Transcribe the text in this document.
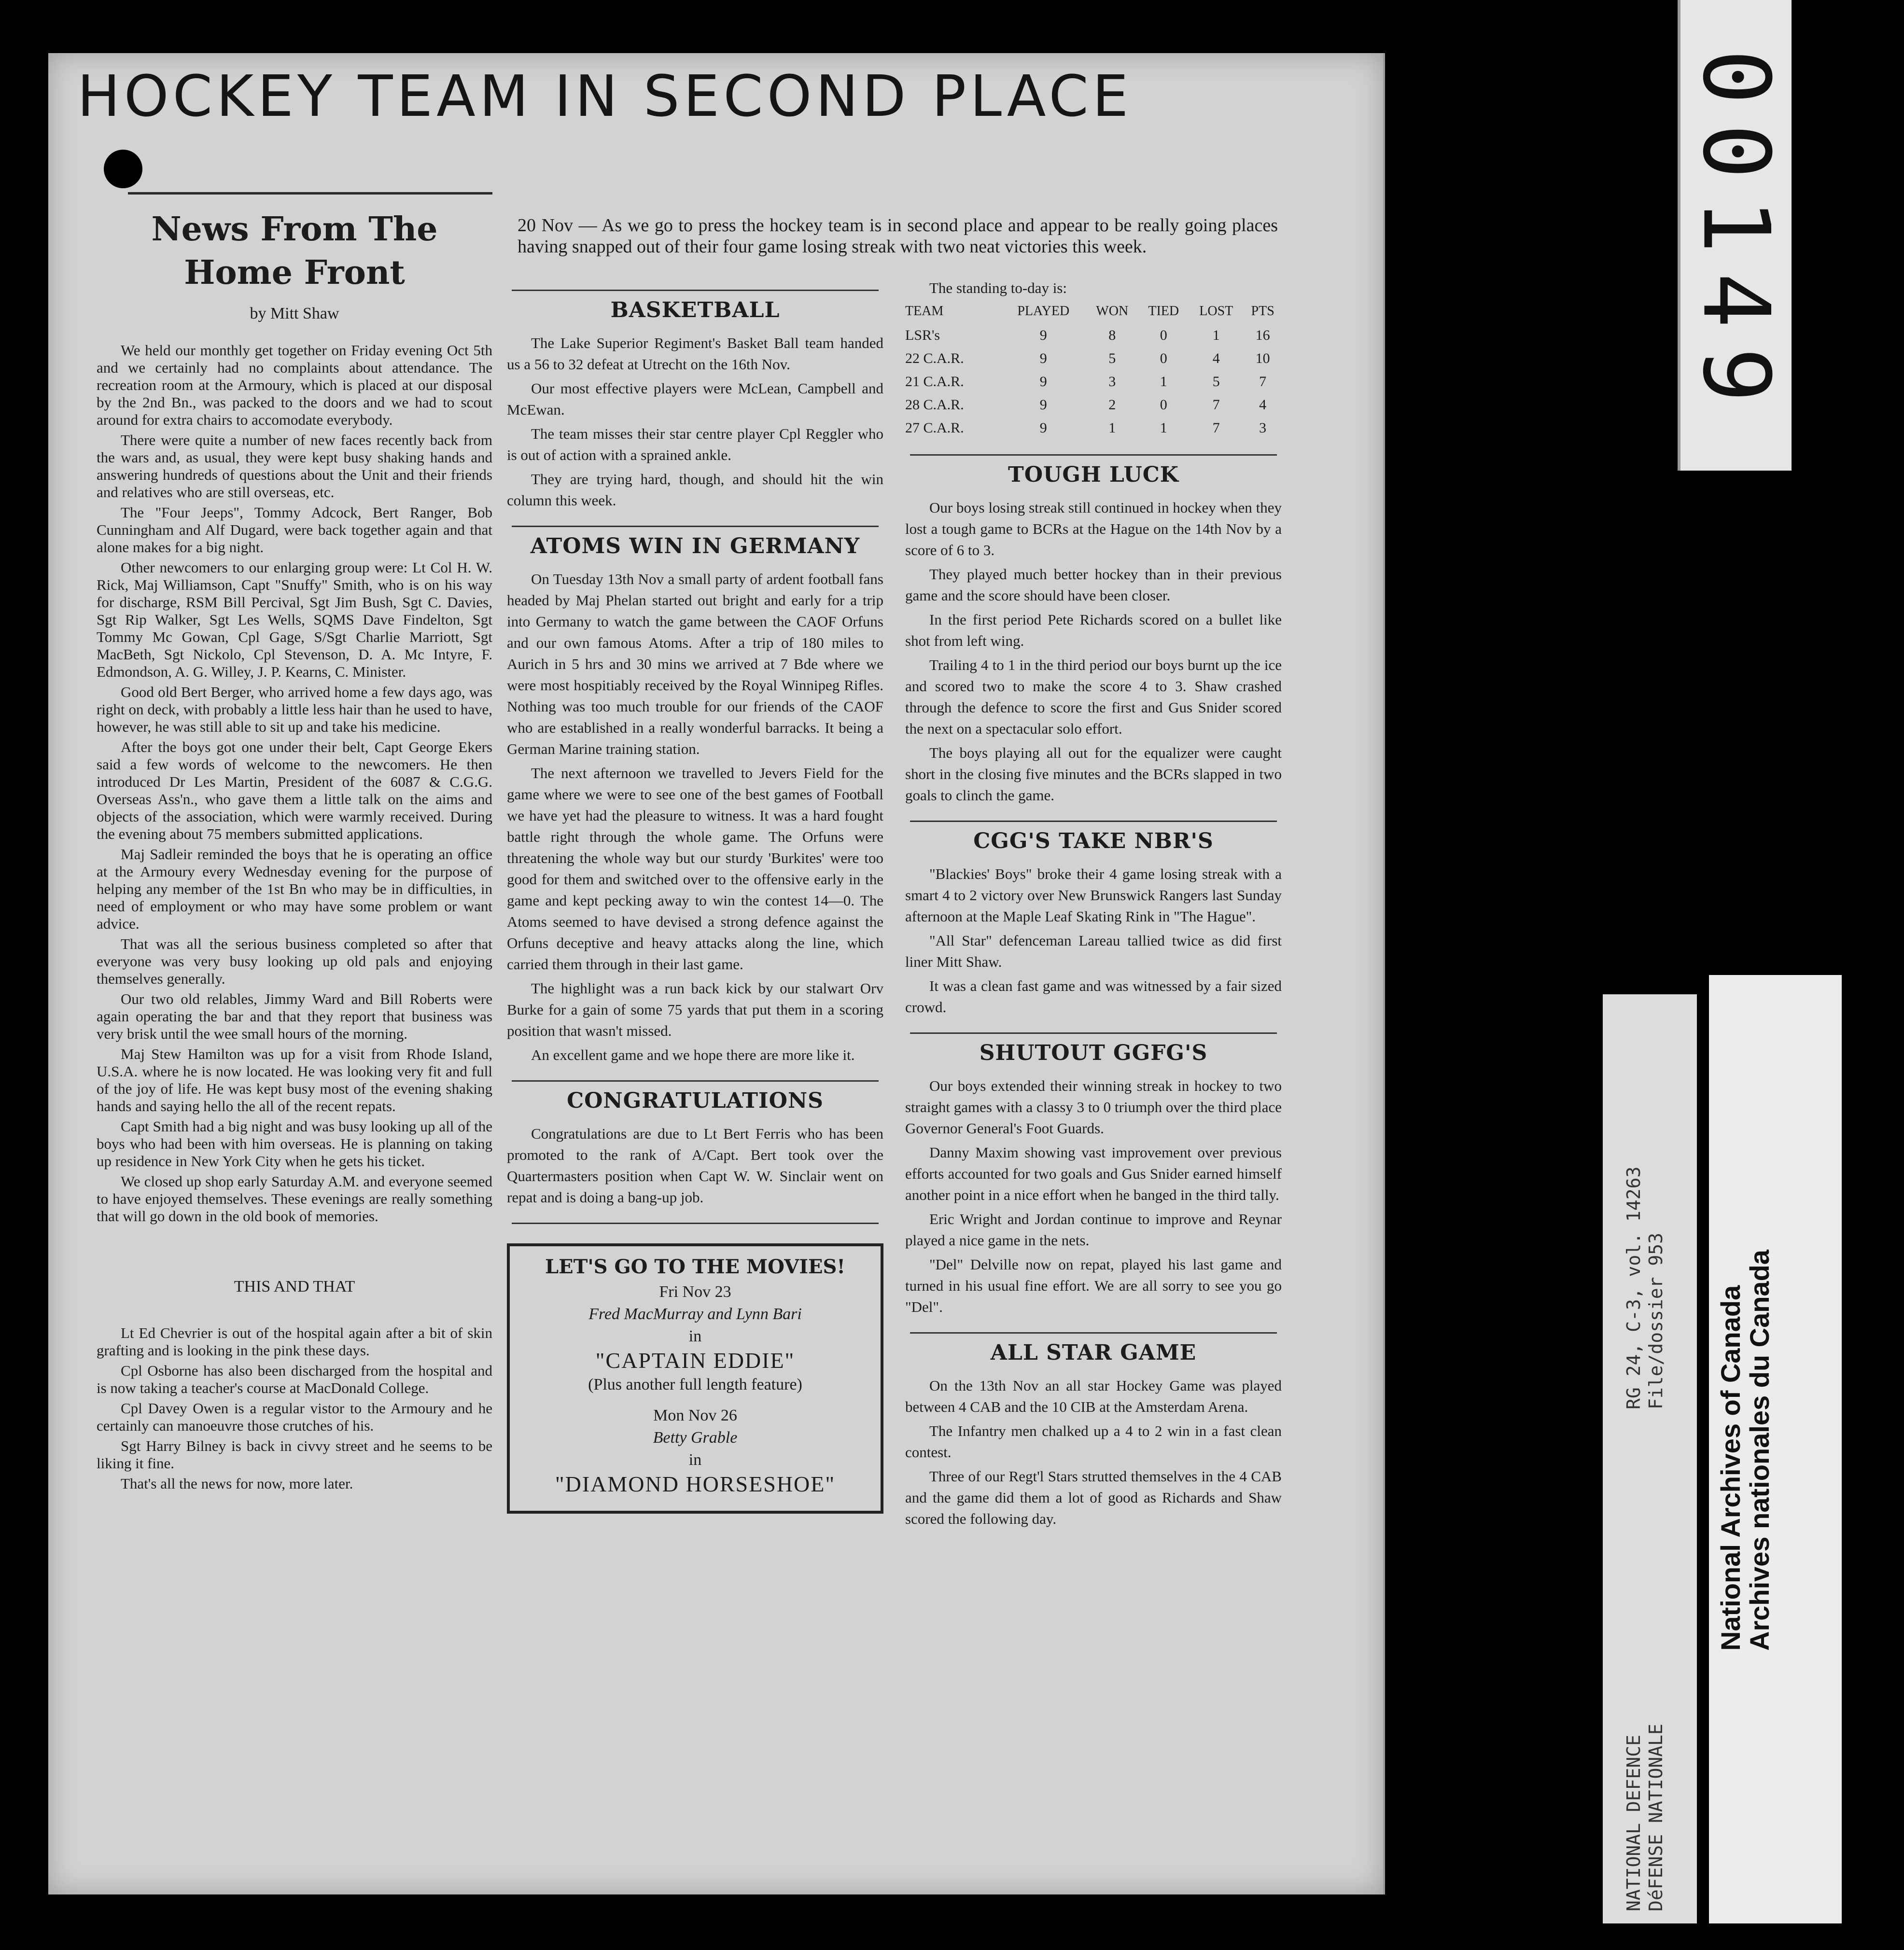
HOCKEY TEAM IN SECOND PLACE
News From The
Home Front
by Mitt Shaw

We held our monthly get together on Friday evening Oct 5th and we certainly had no complaints about attendance. The recreation room at the Armoury, which is placed at our disposal by the 2nd Bn., was packed to the doors and we had to scout around for extra chairs to accomodate everybody.

There were quite a number of new faces recently back from the wars and, as usual, they were kept busy shaking hands and answering hundreds of questions about the Unit and their friends and relatives who are still overseas, etc.

The "Four Jeeps", Tommy Adcock, Bert Ranger, Bob Cunningham and Alf Dugard, were back together again and that alone makes for a big night.

Other newcomers to our enlarging group were: Lt Col H. W. Rick, Maj Williamson, Capt "Snuffy" Smith, who is on his way for discharge, RSM Bill Percival, Sgt Jim Bush, Sgt C. Davies, Sgt Rip Walker, Sgt Les Wells, SQMS Dave Findelton, Sgt Tommy Mc Gowan, Cpl Gage, S/Sgt Charlie Marriott, Sgt MacBeth, Sgt Nickolo, Cpl Stevenson, D. A. Mc Intyre, F. Edmondson, A. G. Willey, J. P. Kearns, C. Minister.

Good old Bert Berger, who arrived home a few days ago, was right on deck, with probably a little less hair than he used to have, however, he was still able to sit up and take his medicine.

After the boys got one under their belt, Capt George Ekers said a few words of welcome to the newcomers. He then introduced Dr Les Martin, President of the 6087 & C.G.G. Overseas Ass'n., who gave them a little talk on the aims and objects of the association, which were warmly received. During the evening about 75 members submitted applications.

Maj Sadleir reminded the boys that he is operating an office at the Armoury every Wednesday evening for the purpose of helping any member of the 1st Bn who may be in difficulties, in need of employment or who may have some problem or want advice.

That was all the serious business completed so after that everyone was very busy looking up old pals and enjoying themselves generally.

Our two old relables, Jimmy Ward and Bill Roberts were again operating the bar and that they report that business was very brisk until the wee small hours of the morning.

Maj Stew Hamilton was up for a visit from Rhode Island, U.S.A. where he is now located. He was looking very fit and full of the joy of life. He was kept busy most of the evening shaking hands and saying hello the all of the recent repats.

Capt Smith had a big night and was busy looking up all of the boys who had been with him overseas. He is planning on taking up residence in New York City when he gets his ticket.

We closed up shop early Saturday A.M. and everyone seemed to have enjoyed themselves. These evenings are really something that will go down in the old book of memories.

THIS AND THAT

Lt Ed Chevrier is out of the hospital again after a bit of skin grafting and is looking in the pink these days.

Cpl Osborne has also been discharged from the hospital and is now taking a teacher's course at MacDonald College.

Cpl Davey Owen is a regular vistor to the Armoury and he certainly can manoeuvre those crutches of his.

Sgt Harry Bilney is back in civvy street and he seems to be liking it fine.

That's all the news for now, more later.

20 Nov — As we go to press the hockey team is in second place and appear to be really going places having snapped out of their four game losing streak with two neat victories this week.
BASKETBALL

The Lake Superior Regiment's Basket Ball team handed us a 56 to 32 defeat at Utrecht on the 16th Nov.

Our most effective players were McLean, Campbell and McEwan.

The team misses their star centre player Cpl Reggler who is out of action with a sprained ankle.

They are trying hard, though, and should hit the win column this week.

ATOMS WIN IN GERMANY

On Tuesday 13th Nov a small party of ardent football fans headed by Maj Phelan started out bright and early for a trip into Germany to watch the game between the CAOF Orfuns and our own famous Atoms. After a trip of 180 miles to Aurich in 5 hrs and 30 mins we arrived at 7 Bde where we were most hospitiably received by the Royal Winnipeg Rifles. Nothing was too much trouble for our friends of the CAOF who are established in a really wonderful barracks. It being a German Marine training station.

The next afternoon we travelled to Jevers Field for the game where we were to see one of the best games of Football we have yet had the pleasure to witness. It was a hard fought battle right through the whole game. The Orfuns were threatening the whole way but our sturdy 'Burkites' were too good for them and switched over to the offensive early in the game and kept pecking away to win the contest 14—0. The Atoms seemed to have devised a strong defence against the Orfuns deceptive and heavy attacks along the line, which carried them through in their last game.

The highlight was a run back kick by our stalwart Orv Burke for a gain of some 75 yards that put them in a scoring position that wasn't missed.

An excellent game and we hope there are more like it.

CONGRATULATIONS

Congratulations are due to Lt Bert Ferris who has been promoted to the rank of A/Capt. Bert took over the Quartermasters position when Capt W. W. Sinclair went on repat and is doing a bang-up job.

LET'S GO TO THE MOVIES!
Fri Nov 23
Fred MacMurray and Lynn Bari
in
"CAPTAIN EDDIE"
(Plus another full length feature)
Mon Nov 26
Betty Grable
in
"DIAMOND HORSESHOE"
The standing to-day is:
TEAM	PLAYED	WON	TIED	LOST	PTS
LSR's	9	8	0	1	16
22 C.A.R.	9	5	0	4	10
21 C.A.R.	9	3	1	5	7
28 C.A.R.	9	2	0	7	4
27 C.A.R.	9	1	1	7	3
TOUGH LUCK

Our boys losing streak still continued in hockey when they lost a tough game to BCRs at the Hague on the 14th Nov by a score of 6 to 3.

They played much better hockey than in their previous game and the score should have been closer.

In the first period Pete Richards scored on a bullet like shot from left wing.

Trailing 4 to 1 in the third period our boys burnt up the ice and scored two to make the score 4 to 3. Shaw crashed through the defence to score the first and Gus Snider scored the next on a spectacular solo effort.

The boys playing all out for the equalizer were caught short in the closing five minutes and the BCRs slapped in two goals to clinch the game.

CGG'S TAKE NBR'S

"Blackies' Boys" broke their 4 game losing streak with a smart 4 to 2 victory over New Brunswick Rangers last Sunday afternoon at the Maple Leaf Skating Rink in "The Hague".

"All Star" defenceman Lareau tallied twice as did first liner Mitt Shaw.

It was a clean fast game and was witnessed by a fair sized crowd.

SHUTOUT GGFG'S

Our boys extended their winning streak in hockey to two straight games with a classy 3 to 0 triumph over the third place Governor General's Foot Guards.

Danny Maxim showing vast improvement over previous efforts accounted for two goals and Gus Snider earned himself another point in a nice effort when he banged in the third tally.

Eric Wright and Jordan continue to improve and Reynar played a nice game in the nets.

"Del" Delville now on repat, played his last game and turned in his usual fine effort. We are all sorry to see you go "Del".

ALL STAR GAME

On the 13th Nov an all star Hockey Game was played between 4 CAB and the 10 CIB at the Amsterdam Arena.

The Infantry men chalked up a 4 to 2 win in a fast clean contest.

Three of our Regt'l Stars strutted themselves in the 4 CAB and the game did them a lot of good as Richards and Shaw scored the following day.

00149
NATIONAL DEFENCE DéFENSE NATIONALE
RG 24, C-3, vol. 14263 File/dossier 953 National Archives of Canada
Archives nationales du Canada
